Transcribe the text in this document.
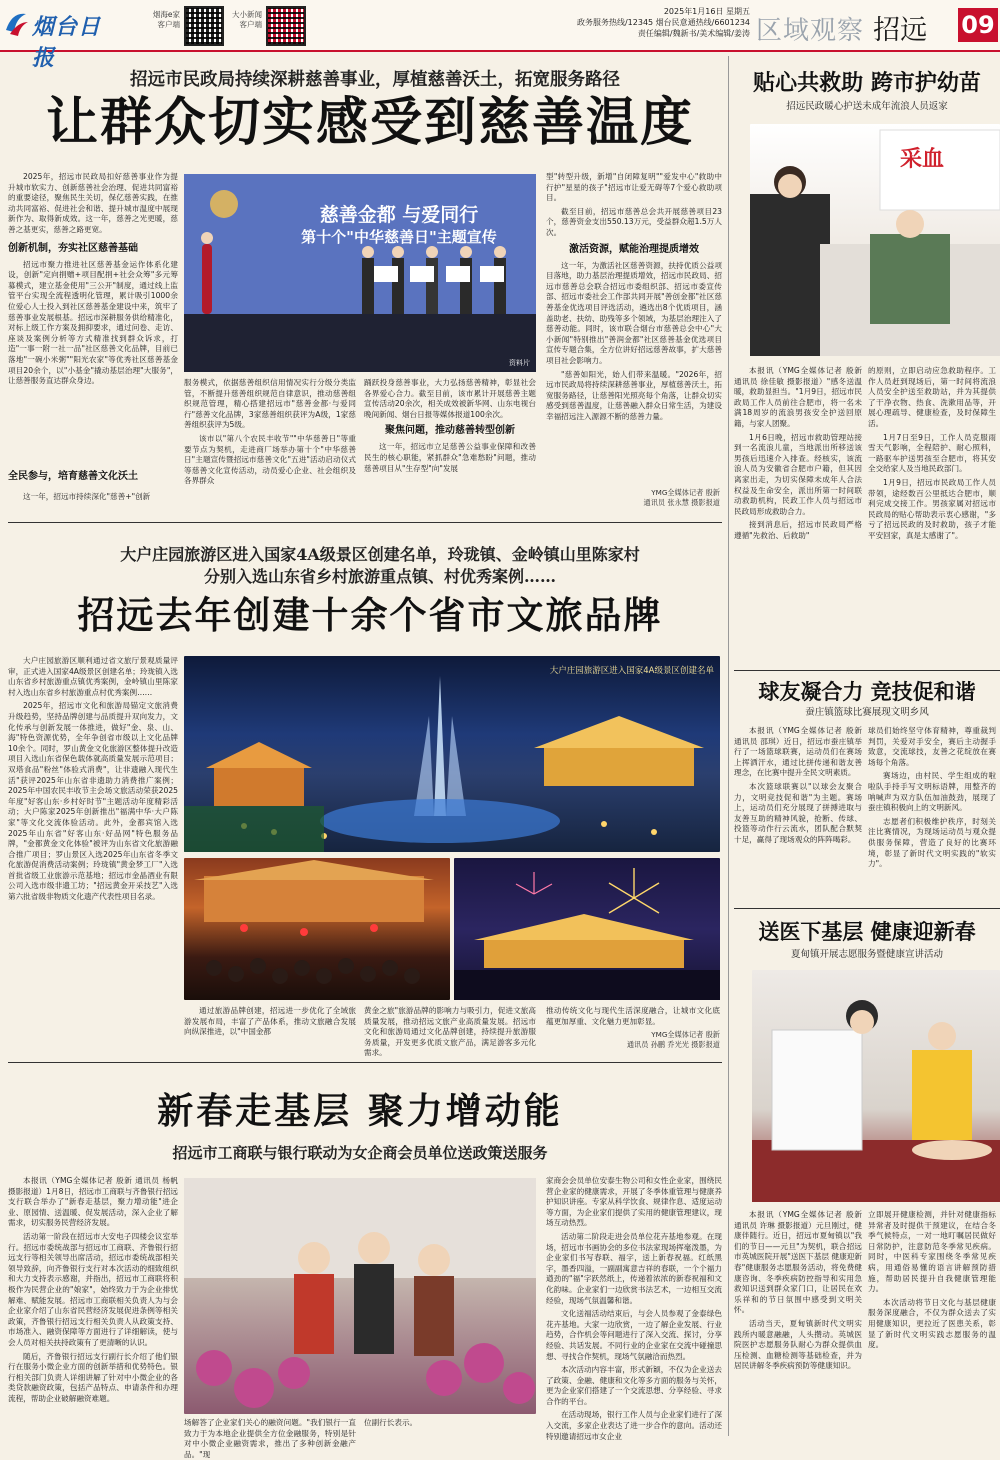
烟台日报
烟海e家
客户端
大小新闻
客户端
2025年1月16日 星期五
政务服务热线/12345 烟台民意通热线/6601234
责任编辑/魏新书/美术编辑/姜涛 区域观察 招远 09
招远市民政局持续深耕慈善事业，厚植慈善沃土，拓宽服务路径
让群众切实感受到慈善温度

2025年，招远市民政局扣好慈善事业作为提升城市软实力、创新慈善社会治理、促进共同富裕的重要途径，聚焦民生关切，保亿慈善实践，在推动共同富裕、促进社会和谐、提升城市温度中展现新作为、取得新成效。这一年，慈善之光更暖，慈善之基更实，慈善之路更宽。

创新机制，夯实社区慈善基础

招远市聚力推进社区慈善基金运作体系化建设，创新"定向捐赠+项目配捐+社会众筹"多元筹募模式，建立基金使用"三公开"制度，通过线上监管平台实现全流程透明化管理，累计吸引1000余位爱心人士投入到社区慈善基金建设中来，筑牢了慈善事业发展根基。招远市深耕服务供给精准化，对标上级工作方案及拥抑要求，通过问卷、走访、座谈及案例分析等方式精准找到群众诉求，打造"一事一附一社一品"社区慈善文化品牌，目前已落地"一碗小米粥""阳光农家"等优秀社区慈善基金项目20余个，以"小基金"撬动基层治理"大服务"，让慈善服务直达群众身边。

全民参与，培育慈善文化沃土
这一年，招远市持续深化"慈善+"创新
慈善金都 与爱同行
第十个"中华慈善日"主题宣传
资料片

服务模式，依据慈善组织信用情况实行分级分类监管，不断提升慈善组织规范自律意识，推动慈善组织规范管理，精心搭建招远市"慈善金都·与爱同行"慈善文化品牌，3家慈善组织获评为A级，1家慈善组织获评为5级。

该市以"第八个农民丰收节""中华慈善日"等重要节点为契机，走进商厂场举办第十个"中华慈善日"主题宣传暨招远市慈善文化"五进"活动启动仪式等慈善文化宣传活动，动员爱心企业、社会组织及各界群众

踊跃投身慈善事业，大力弘扬慈善精神，彰显社会各界爱心合力。截至目前，该市累计开展慈善主题宣传活动20余次，相关成效被新华网、山东电视台晚间新闻、烟台日报等媒体报道100余次。

聚焦问题，推动慈善转型创新

这一年，招远市立足慈善公益事业保障和改善民生的核心职能，紧抓群众"急难愁盼"问题，推动慈善项目从"生存型"向"发展

型"转型升级，新增"自闭障复明""爱发中心"救助中行护"星星的孩子"招远市让爱无碍等7个爱心救助项目。

截至目前，招远市慈善总会共开展慈善项目23个，慈善资金支出550.13万元，受益群众超1.5万人次。

激活资源，赋能治理提质增效

这一年，为激活社区慈善资源，扶持优质公益项目落地，助力基层治理提质增效，招远市民政局、招远市慈善总会联合招远市委组织部、招远市委宣传部、招远市委社会工作部共同开展"善创金都"社区慈善基金优选项目评选活动，遴选出8个优质项目，涵盖助老、扶幼、助残等多个领域，为基层治理注入了慈善动能。同时，该市联合烟台市慈善总会中心"大小新闻"特别推出"善润金都"社区慈善基金优选项目宣传专题合集，全方位讲好招远慈善故事，扩大慈善项目社会影响力。

"慈善如阳光，始人们带来温暖。"2026年，招远市民政局将持续深耕慈善事业，厚植慈善沃土，拓宽服务路径，让慈善阳光照亮每个角落，让群众切实感受到慈善温度，让慈善融入群众日常生活，为建设幸福招远注入源源不断的慈善力量。

YMG全媒体记者 殷新
通讯员 张永慧 摄影报道
大户庄园旅游区进入国家4A级景区创建名单，玲珑镇、金岭镇山里陈家村
分别入选山东省乡村旅游重点镇、村优秀案例……
招远去年创建十余个省市文旅品牌

大户庄园旅游区顺利通过省文旅厅景观质量评审，正式进入国家4A级景区创建名单；玲珑镇入选山东省乡村旅游重点镇优秀案例，金岭镇山里陈家村入选山东省乡村旅游重点村优秀案例……

2025年，招远市文化和旅游局锚定文旅消费升级趋势，坚持品牌创建与品质提升双向发力，文化传承与创新发展一体推进，做好"金、泉、山、海"特色资源优势，全年争创省市级以上文化品牌10余个。同时，罗山黄金文化旅游区整体提升改造项目入选山东省保色载体就高质量发展示范项目；双塔食品"粉丝"体验式消费"，让非遗融入现代生活"获评2025年山东省非遗助力消费推广案例；2025年中国农民丰收节主会场文旅活动荣获2025年度"好客山东·乡村好时节"主题活动年度精彩活动；大户陈家2025年创新推出"福满中华·大户陈家"等文化交流体验活动。此外，金都宾馆入选2025年山东省"好客山东·好品网"特色服务品牌，"金都黄金文化体验"被评为山东省文化旅游融合推广项目；罗山景区入选2025年山东省冬季文化旅游促消费活动案例；玲珑镇"黄金梦工厂"入选首批省级工业旅游示范基地；招远市金晶酒业有限公司入选市级非遗工坊；"招远黄金开采技艺"入选第六批省级非物质文化遗产代表性项目名录。

大户庄园旅游区进入国家4A级景区创建名单
通过旅游品牌创建，招远进一步优化了全域旅游发展布局，丰富了产品体系，推动文旅融合发展向纵深推进，以"中国金都
黄金之旅"旅游品牌的影响力与吸引力，促进文旅高质量发展，推动招远文旅产业高质量发展。招远市文化和旅游局通过文化品牌创建，持续提升旅游服务质量，开发更多优质文旅产品，满足游客多元化需求。
推动传统文化与现代生活深度融合，让城市文化底蕴更加厚重、文化魅力更加彰显。
YMG全媒体记者 殷新
通讯员 孙鹏 乔光光 摄影报道
新春走基层 聚力增动能
招远市工商联与银行联动为女企商会员单位送政策送服务

本报讯（YMG全媒体记者 殷新 通讯员 杨帆 摄影报道）1月8日，招远市工商联与齐鲁银行招远支行联合举办了"新春走基层，聚力增动能"进企业、原园情、送温暖、促发展活动，深入企业了解需求，切实服务民营经济发展。

活动第一阶段在招远市大安电子四楼会议室举行。招远市委统战部与招远市工商联、齐鲁银行招远支行等相关领导出席活动，招远市委统战部相关领导致辞，向齐鲁银行支行对本次活动的细致组织和大力支持表示感谢，并指出，招远市工商联将积极作为民营企业的"娘家"，始终致力于为企业排忧解难、赋能发展。招远市工商联相关负责人为与会企业家介绍了山东省民营经济发展促进条例等相关政策，齐鲁银行招远支行相关负责人从政策支持、市场准入、融资保障等方面进行了详细解读，使与会人员对相关扶持政策有了更清晰的认识。

随后，齐鲁银行招远支行副行长介绍了他们银行在服务小微企业方面的创新举措和优势特色。银行相关部门负责人详细讲解了针对中小微企业的各类贷款融资政策，包括产品特点、申请条件和办理流程，帮助企业破解融资难题。

场解答了企业家们关心的融资问题。"我们银行一直致力于为本地企业提供全方位金融服务，特别是针对中小微企业融资需求，推出了多种创新金融产品。"现
位副行长表示。

家商会会员单位安泰生物公司和女性企业家，围绕民营企业家的健康需求，开展了冬季体重管理与健康养护知识讲座。专家从科学饮食、规律作息、适度运动等方面，为企业家们提供了实用的健康管理建议，现场互动热烈。

活动第二阶段走进会员单位花卉基地参观。在现场，招远市书画协会的多位书法家现场挥毫泼墨，为企业家们书写春联、福字，送上新春祝福。红纸黑字，墨香四溢，一副副寓意吉祥的春联，一个个福力遒劲的"福"字跃然纸上，传递着浓浓的新春祝福和文化韵味。企业家们一边欣赏书法艺术，一边相互交流经验，现场气氛温馨和谐。

文化送福活动结束后，与会人员参观了金泰绿色花卉基地。大家一边欣赏，一边了解企业发展、行业趋势，合作机会等问题进行了深入交流、探讨，分享经验、共话发展。不同行业的企业家在交流中碰撞思想、寻找合作契机，现场气氛融洽而热烈。

本次活动内容丰富，形式新颖，不仅为企业送去了政策、金融、健康和文化等多方面的服务与关怀，更为企业家们搭建了一个交流思想、分享经验、寻求合作的平台。

在活动现场，银行工作人员与企业家们进行了深入交流，多家企业表达了进一步合作的意向。活动还特别邀请招远市女企业

贴心共救助 跨市护幼苗
招远民政暖心护送未成年流浪人员返家
采血

本报讯（YMG全媒体记者 殷新 通讯员 徐佳敏 摄影报道）"感冬送温暖，救助显担当。"1月9日，招远市民政局工作人员前往合肥市，将一名未满18周岁的流浪男孩安全护送回原籍，与家人团聚。

1月6日晚，招远市救助管理站接到一名流浪儿童，当地派出所移送该男孩后迅速介入排查。经核实，该流浪人员为安徽省合肥市户籍，但其因离家出走，为切实保障未成年人合法权益及生命安全，派出所第一时间联动救助机构，民政工作人员与招远市民政局形成救助合力。

接到消息后，招远市民政局严格遵循"先救治、后救助"

的原则，立即启动应急救助程序。工作人员赶到现场后，第一时间将流浪人员安全护送至救助站，并为其提供了干净衣物、热食、洗漱用品等，开展心理疏导、健康检查，及时保障生活。

1月7日至9日，工作人员克服雨雪天气影响，全程陪护、耐心照料，一路驱车护送男孩至合肥市，将其安全交给家人及当地民政部门。

1月9日，招远市民政局工作人员带领，途经数百公里抵达合肥市，顺利完成交接工作。男孩家属对招远市民政局的贴心帮助表示衷心感谢，"多亏了招远民政的及时救助，孩子才能平安回家，真是太感谢了"。

球友凝合力 竞技促和谐
蚕庄镇篮球比赛展现文明乡风

本报讯（YMG全媒体记者 殷新 通讯员 邵琪）近日，招远市蚕庄镇举行了一场篮球联赛，运动员们在赛场上挥洒汗水，通过比拼传递和谐友善理念，在比赛中提升全民文明素质。

本次篮球联赛以"以球会友聚合力，文明竞技促和谐"为主题。赛场上，运动员们充分展现了拼搏进取与友善互助的精神风貌，抢断、传球、投篮等动作行云流水，团队配合默契十足，赢得了现场观众的阵阵喝彩。

球员们始终坚守体育精神，尊重裁判判罚，关爱对手安全，赛后主动握手致意，交流球技，友善之花绽放在赛场每个角落。

赛场边，由村民、学生组成的啦啦队手持手写文明标语牌，用整齐的呐喊声为双方队伍加油鼓劲，展现了蚕庄镇积极向上的文明新风。

志愿者们积极维护秩序，时刻关注比赛情况，为现场运动员与观众提供服务保障，营造了良好的比赛环境，彰显了新时代文明实践的"软实力"。

送医下基层 健康迎新春
夏甸镇开展志愿服务暨健康宣讲活动

本报讯（YMG全媒体记者 殷新 通讯员 许琳 摄影报道）元旦刚过，健康伴随行。近日，招远市夏甸镇以"我们的节日——元旦"为契机，联合招远市英城医院开展"送医下基层 健康迎新春"健康服务志愿服务活动，将免费健康咨询、冬季疾病防控指导和实用急救知识送到群众家门口，让居民在欢乐祥和的节日氛围中感受到文明关怀。

活动当天，夏甸镇新时代文明实践所内暖意融融，人头攒动。英城医院医护志愿服务队耐心为群众提供血压检测、血糖检测等基础检查，并为居民讲解冬季疾病预防等健康知识。

立即展开健康检测，并针对健康指标异常者及时提供干预建议，在结合冬季气候特点，一对一地叮嘱居民做好日常防护，注意防范冬季常见疾病。同时，中医科专家围绕冬季常见疾病，用通俗易懂的语言讲解预防措施，帮助居民提升自我健康管理能力。

本次活动将节日文化与基层健康服务深度融合，不仅为群众送去了实用健康知识，更拉近了医患关系，彰显了新时代文明实践志愿服务的温度。
